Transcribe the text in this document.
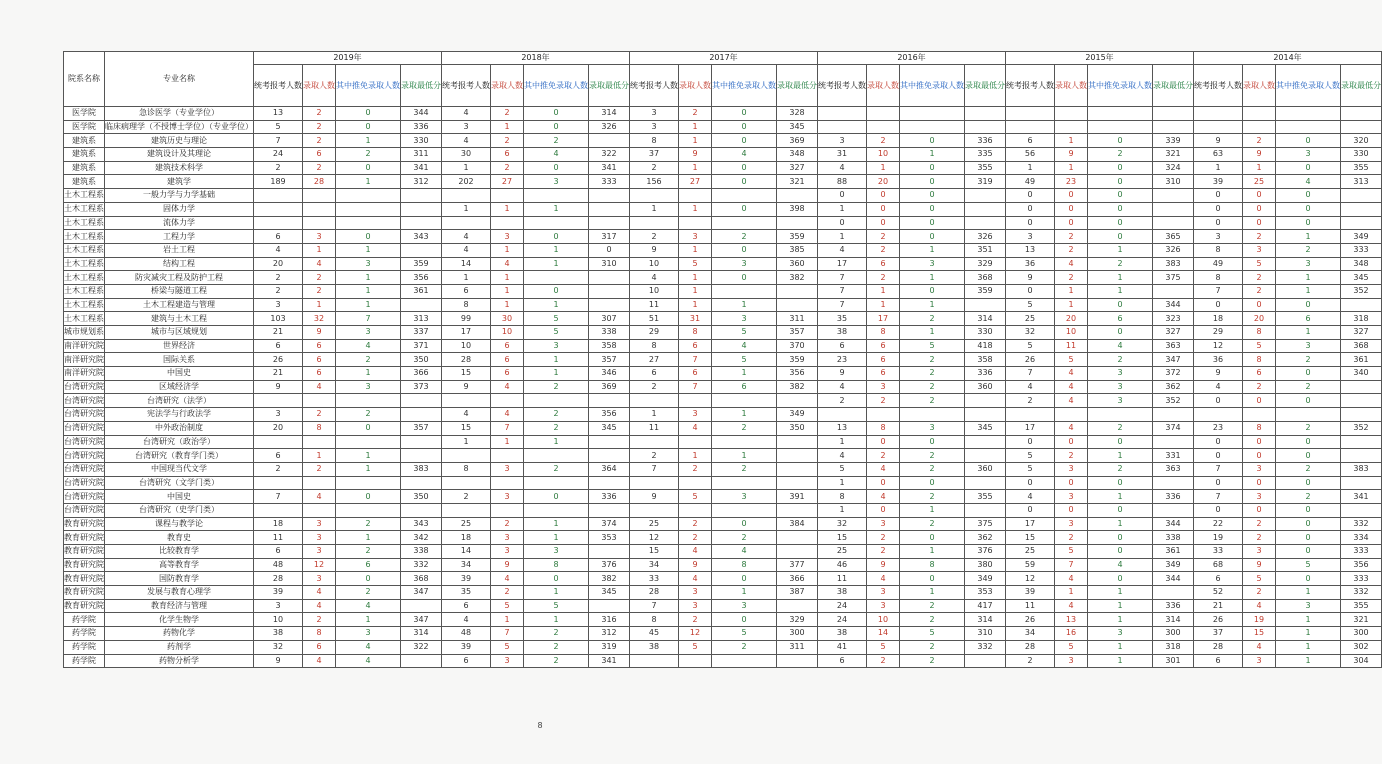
院系名称	专业名称	2019年				2018年				2017年				2016年				2015年				2014年			
		统考报考人数	录取人数	其中推免录取人数	录取最低分	统考报考人数	录取人数	其中推免录取人数	录取最低分	统考报考人数	录取人数	其中推免录取人数	录取最低分	统考报考人数	录取人数	其中推免录取人数	录取最低分	统考报考人数	录取人数	其中推免录取人数	录取最低分	统考报考人数	录取人数	其中推免录取人数	录取最低分
医学院	急诊医学（专业学位）	13	2	0	344	4	2	0	314	3	2	0	328												
医学院	临床病理学（不授博士学位）（专业学位）	5	2	0	336	3	1	0	326	3	1	0	345												
建筑系	建筑历史与理论	7	2	1	330	4	2	2		8	1	0	369	3	2	0	336	6	1	0	339	9	2	0	320
建筑系	建筑设计及其理论	24	6	2	311	30	6	4	322	37	9	4	348	31	10	1	335	56	9	2	321	63	9	3	330
建筑系	建筑技术科学	2	2	0	341	1	2	0	341	2	1	0	327	4	1	0	355	1	1	0	324	1	1	0	355
建筑系	建筑学	189	28	1	312	202	27	3	333	156	27	0	321	88	20	0	319	49	23	0	310	39	25	4	313
土木工程系	一般力学与力学基础													0	0	0		0	0	0		0	0	0	
土木工程系	固体力学					1	1	1		1	1	0	398	1	0	0		0	0	0		0	0	0	
土木工程系	流体力学													0	0	0		0	0	0		0	0	0	
土木工程系	工程力学	6	3	0	343	4	3	0	317	2	3	2	359	1	2	0	326	3	2	0	365	3	2	1	349
土木工程系	岩土工程	4	1	1		4	1	1	0	9	1	0	385	4	2	1	351	13	2	1	326	8	3	2	333
土木工程系	结构工程	20	4	3	359	14	4	1	310	10	5	3	360	17	6	3	329	36	4	2	383	49	5	3	348
土木工程系	防灾减灾工程及防护工程	2	2	1	356	1	1			4	1	0	382	7	2	1	368	9	2	1	375	8	2	1	345
土木工程系	桥梁与隧道工程	2	2	1	361	6	1	0		10	1			7	1	0	359	0	1	1		7	2	1	352
土木工程系	土木工程建造与管理	3	1	1		8	1	1		11	1	1		7	1	1		5	1	0	344	0	0	0	
土木工程系	建筑与土木工程	103	32	7	313	99	30	5	307	51	31	3	311	35	17	2	314	25	20	6	323	18	20	6	318
城市规划系	城市与区域规划	21	9	3	337	17	10	5	338	29	8	5	357	38	8	1	330	32	10	0	327	29	8	1	327
南洋研究院	世界经济	6	6	4	371	10	6	3	358	8	6	4	370	6	6	5	418	5	11	4	363	12	5	3	368
南洋研究院	国际关系	26	6	2	350	28	6	1	357	27	7	5	359	23	6	2	358	26	5	2	347	36	8	2	361
南洋研究院	中国史	21	6	1	366	15	6	1	346	6	6	1	356	9	6	2	336	7	4	3	372	9	6	0	340
台湾研究院	区域经济学	9	4	3	373	9	4	2	369	2	7	6	382	4	3	2	360	4	4	3	362	4	2	2	
台湾研究院	台湾研究（法学）													2	2	2		2	4	3	352	0	0	0	
台湾研究院	宪法学与行政法学	3	2	2		4	4	2	356	1	3	1	349												
台湾研究院	中外政治制度	20	8	0	357	15	7	2	345	11	4	2	350	13	8	3	345	17	4	2	374	23	8	2	352
台湾研究院	台湾研究（政治学）					1	1	1						1	0	0		0	0	0		0	0	0	
台湾研究院	台湾研究（教育学门类）	6	1	1						2	1	1		4	2	2		5	2	1	331	0	0	0	
台湾研究院	中国现当代文学	2	2	1	383	8	3	2	364	7	2	2		5	4	2	360	5	3	2	363	7	3	2	383
台湾研究院	台湾研究（文学门类）													1	0	0		0	0	0		0	0	0	
台湾研究院	中国史	7	4	0	350	2	3	0	336	9	5	3	391	8	4	2	355	4	3	1	336	7	3	2	341
台湾研究院	台湾研究（史学门类）													1	0	1		0	0	0		0	0	0	
教育研究院	课程与教学论	18	3	2	343	25	2	1	374	25	2	0	384	32	3	2	375	17	3	1	344	22	2	0	332
教育研究院	教育史	11	3	1	342	18	3	1	353	12	2	2		15	2	0	362	15	2	0	338	19	2	0	334
教育研究院	比较教育学	6	3	2	338	14	3	3		15	4	4		25	2	1	376	25	5	0	361	33	3	0	333
教育研究院	高等教育学	48	12	6	332	34	9	8	376	34	9	8	377	46	9	8	380	59	7	4	349	68	9	5	356
教育研究院	国防教育学	28	3	0	368	39	4	0	382	33	4	0	366	11	4	0	349	12	4	0	344	6	5	0	333
教育研究院	发展与教育心理学	39	4	2	347	35	2	1	345	28	3	1	387	38	3	1	353	39	1	1		52	2	1	332
教育研究院	教育经济与管理	3	4	4		6	5	5		7	3	3		24	3	2	417	11	4	1	336	21	4	3	355
药学院	化学生物学	10	2	1	347	4	1	1	316	8	2	0	329	24	10	2	314	26	13	1	314	26	19	1	321
药学院	药物化学	38	8	3	314	48	7	2	312	45	12	5	300	38	14	5	310	34	16	3	300	37	15	1	300
药学院	药剂学	32	6	4	322	39	5	2	319	38	5	2	311	41	5	2	332	28	5	1	318	28	4	1	302
药学院	药物分析学	9	4	4		6	3	2	341					6	2	2		2	3	1	301	6	3	1	304
8
